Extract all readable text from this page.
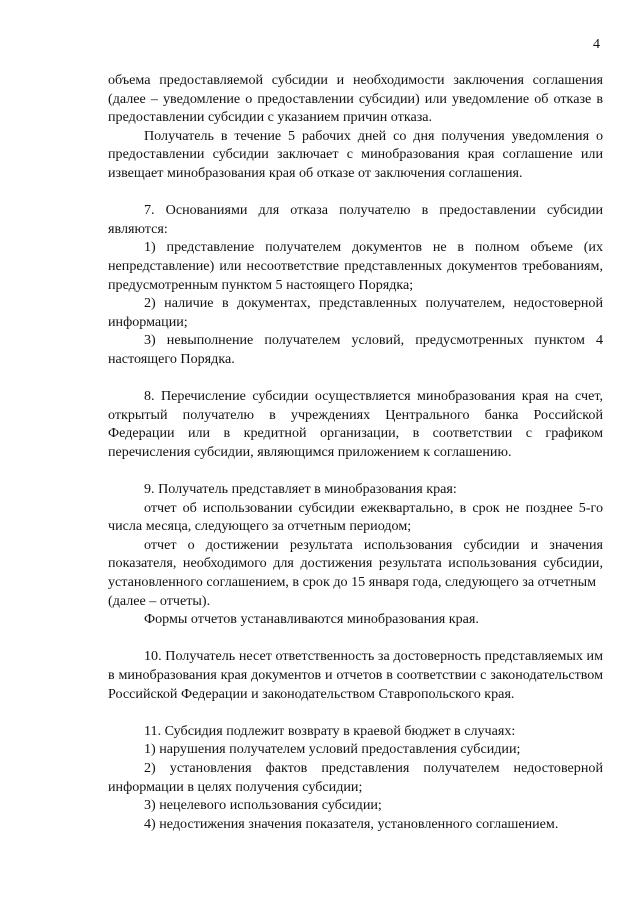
4

объема предоставляемой субсидии и необходимости заключения соглашения (далее – уведомление о предоставлении субсидии) или уведомление об отказе в предоставлении субсидии с указанием причин отказа.

Получатель в течение 5 рабочих дней со дня получения уведомления о предоставлении субсидии заключает с минобразования края соглашение или извещает минобразования края об отказе от заключения соглашения.

7. Основаниями для отказа получателю в предоставлении субсидии являются:

1) представление получателем документов не в полном объеме (их непредставление) или несоответствие представленных документов требованиям, предусмотренным пунктом 5 настоящего Порядка;

2) наличие в документах, представленных получателем, недостоверной информации;

3) невыполнение получателем условий, предусмотренных пунктом 4 настоящего Порядка.

8. Перечисление субсидии осуществляется минобразования края на счет, открытый получателю в учреждениях Центрального банка Российской Федерации или в кредитной организации, в соответствии с графиком перечисления субсидии, являющимся приложением к соглашению.

9. Получатель представляет в минобразования края:

отчет об использовании субсидии ежеквартально, в срок не позднее 5-го числа месяца, следующего за отчетным периодом;

отчет о достижении результата использования субсидии и значения показателя, необходимого для достижения результата использования субсидии, установленного соглашением, в срок до 15 января года, следующего за отчетным

(далее – отчеты).

Формы отчетов устанавливаются минобразования края.

10. Получатель несет ответственность за достоверность представляемых им в минобразования края документов и отчетов в соответствии с законодательством Российской Федерации и законодательством Ставропольского края.

11. Субсидия подлежит возврату в краевой бюджет в случаях:

1) нарушения получателем условий предоставления субсидии;

2) установления фактов представления получателем недостоверной информации в целях получения субсидии;

3) нецелевого использования субсидии;

4) недостижения значения показателя, установленного соглашением.
